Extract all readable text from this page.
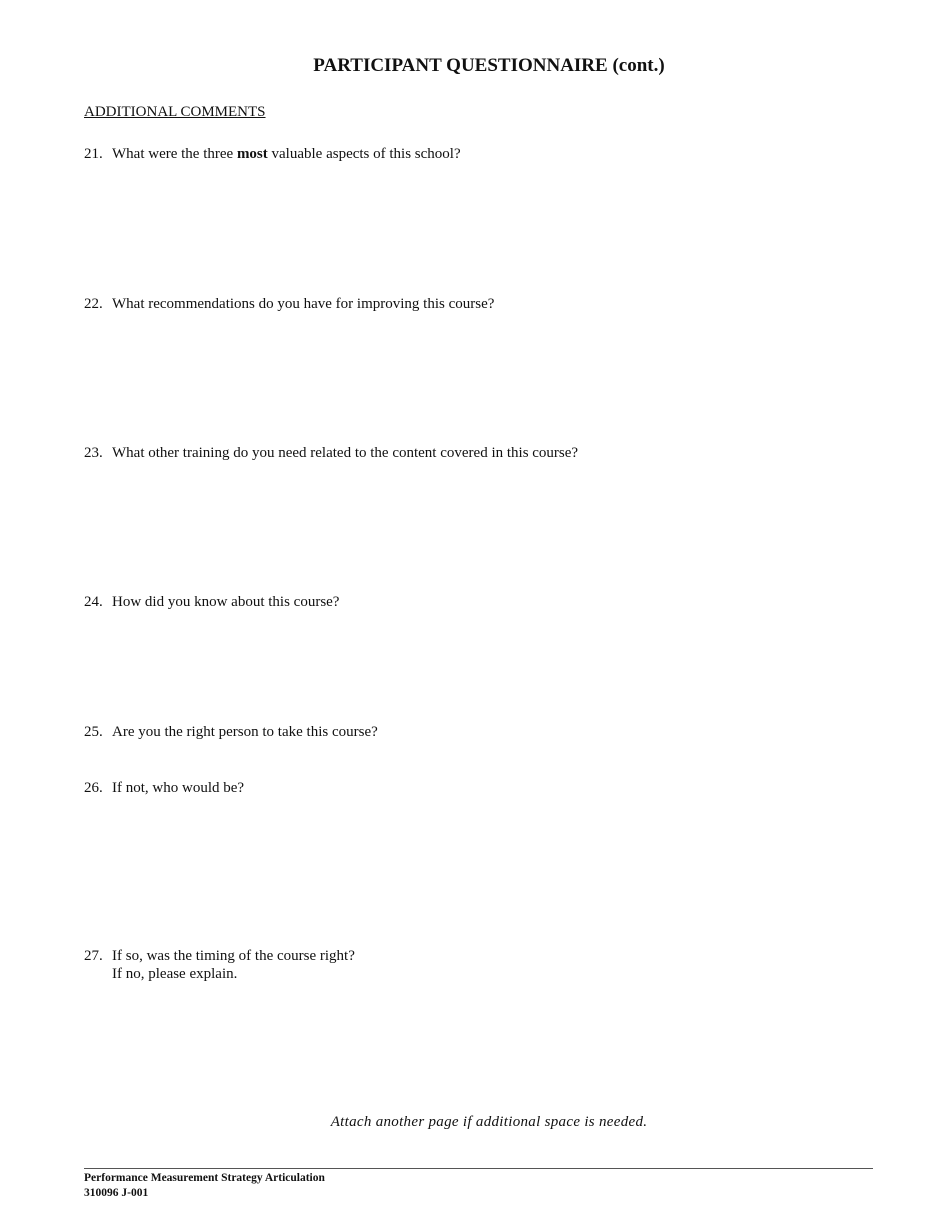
PARTICIPANT QUESTIONNAIRE (cont.)
ADDITIONAL COMMENTS
21. What were the three most valuable aspects of this school?
22. What recommendations do you have for improving this course?
23. What other training do you need related to the content covered in this course?
24. How did you know about this course?
25. Are you the right person to take this course?
26. If not, who would be?
27. If so, was the timing of the course right?
If no, please explain.
Attach another page if additional space is needed.
Performance Measurement Strategy Articulation
310096 J-001
